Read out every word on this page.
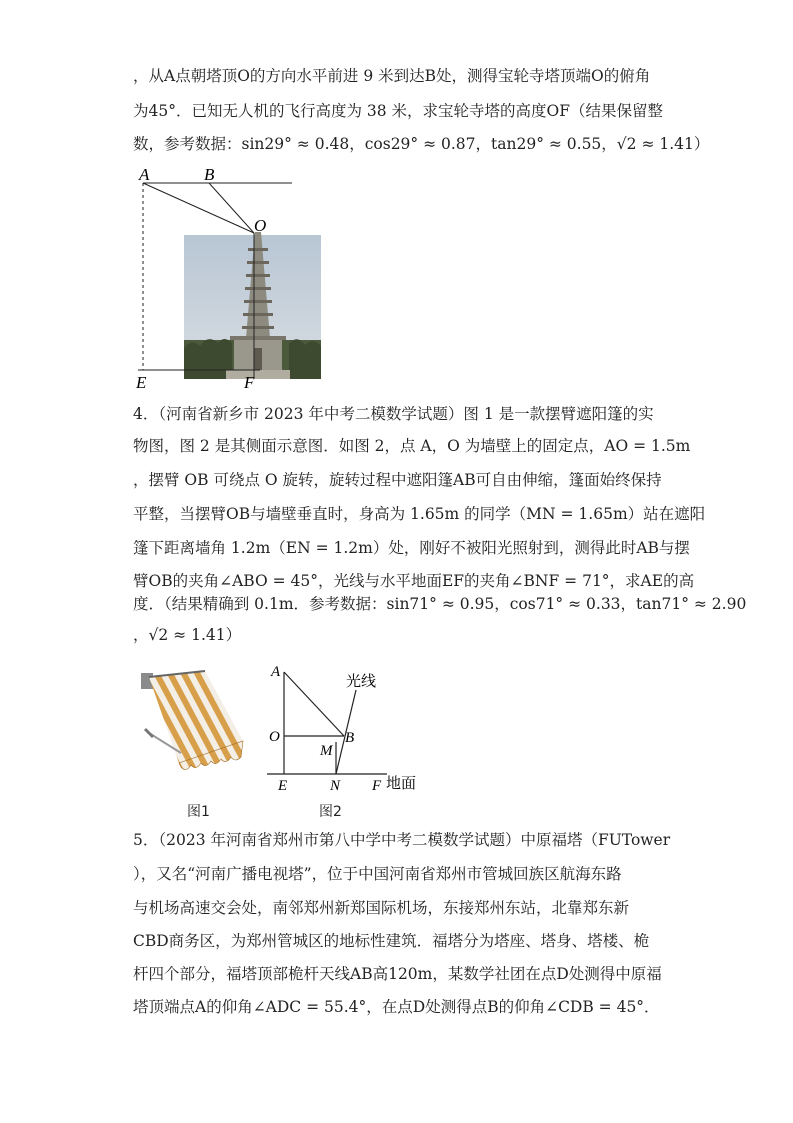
，从A点朝塔顶O的方向水平前进 9 米到达B处，测得宝轮寺塔顶端O的俯角
为45°．已知无人机的飞行高度为 38 米，求宝轮寺塔的高度OF（结果保留整
数，参考数据：sin29° ≈ 0.48，cos29° ≈ 0.87，tan29° ≈ 0.55，√2 ≈ 1.41）
A	B
O
E	F
4．（河南省新乡市 2023 年中考二模数学试题）图 1 是一款摆臂遮阳篷的实
物图，图 2 是其侧面示意图．如图 2，点 A，O 为墙壁上的固定点，AO = 1.5m
，摆臂 OB 可绕点 O 旋转，旋转过程中遮阳篷AB可自由伸缩，篷面始终保持
平整，当摆臂OB与墙壁垂直时，身高为 1.65m 的同学（MN = 1.65m）站在遮阳
篷下距离墙角 1.2m（EN = 1.2m）处，刚好不被阳光照射到，测得此时AB与摆
臂OB的夹角∠ABO = 45°，光线与水平地面EF的夹角∠BNF = 71°，求AE的高
度．（结果精确到 0.1m．参考数据：sin71° ≈ 0.95，cos71° ≈ 0.33，tan71° ≈ 2.90
，√2 ≈ 1.41）
图1
A
O	B
M
E	N F
光线
地面
图2
5．（2023 年河南省郑州市第八中学中考二模数学试题）中原福塔（FUTower
），又名“河南广播电视塔”，位于中国河南省郑州市管城回族区航海东路
与机场高速交会处，南邻郑州新郑国际机场，东接郑州东站，北靠郑东新
CBD商务区，为郑州管城区的地标性建筑．福塔分为塔座、塔身、塔楼、桅
杆四个部分，福塔顶部桅杆天线AB高120m，某数学社团在点D处测得中原福
塔顶端点A的仰角∠ADC = 55.4°，在点D处测得点B的仰角∠CDB = 45°．
